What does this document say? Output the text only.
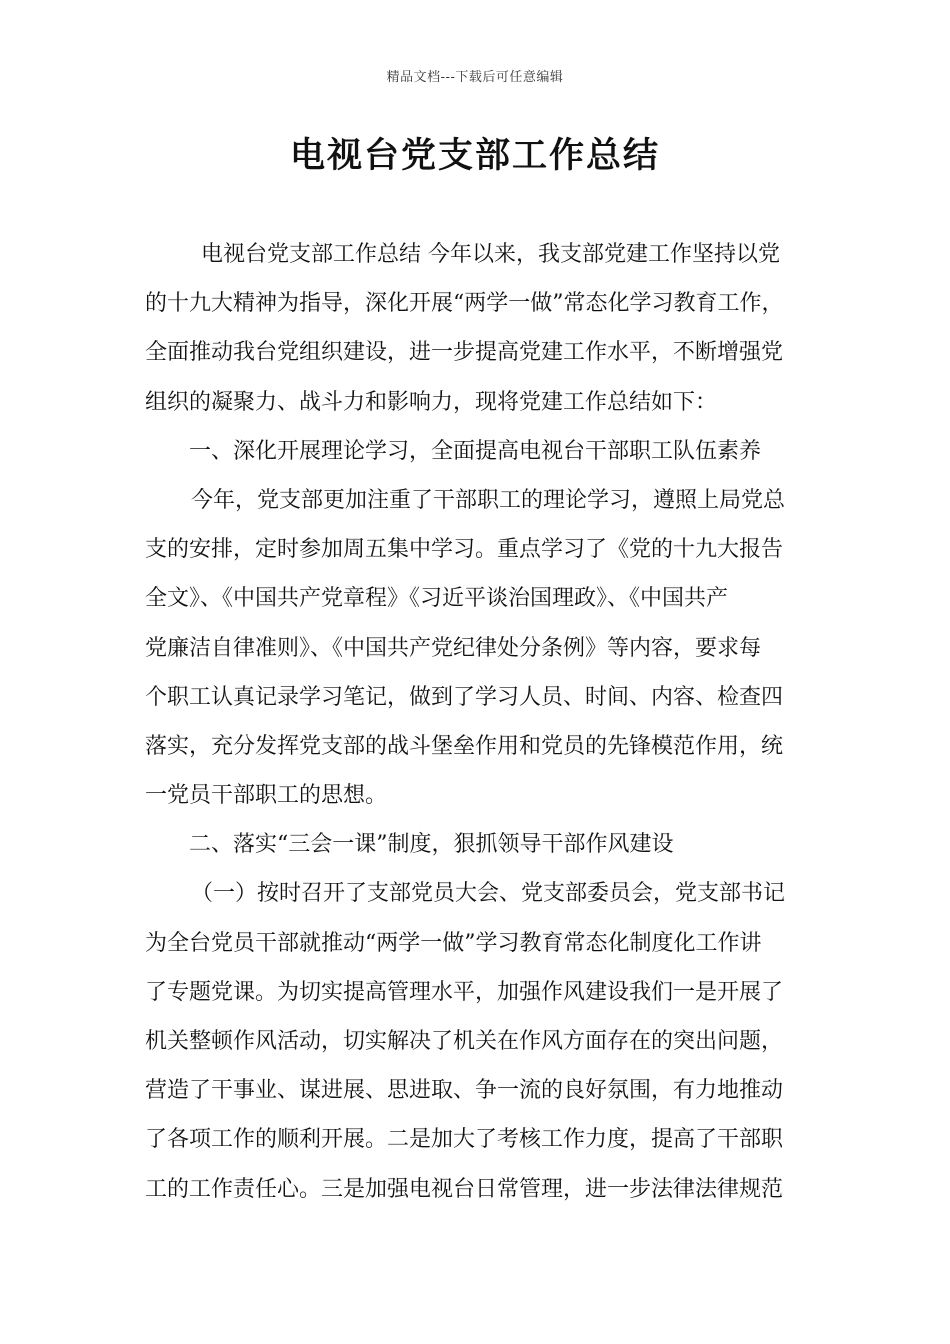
精品文档---下载后可任意编辑
电视台党支部工作总结
电视台党支部工作总结 今年以来，我支部党建工作坚持以党
的十九大精神为指导，深化开展“两学一做”常态化学习教育工作，
全面推动我台党组织建设，进一步提高党建工作水平，不断增强党
组织的凝聚力、战斗力和影响力，现将党建工作总结如下：
一、深化开展理论学习，全面提高电视台干部职工队伍素养
今年，党支部更加注重了干部职工的理论学习，遵照上局党总
支的安排，定时参加周五集中学习。重点学习了《党的十九大报告
全文》、《中国共产党章程》《习近平谈治国理政》、《中国共产
党廉洁自律准则》、《中国共产党纪律处分条例》等内容，要求每
个职工认真记录学习笔记，做到了学习人员、时间、内容、检查四
落实，充分发挥党支部的战斗堡垒作用和党员的先锋模范作用，统
一党员干部职工的思想。
二、落实“三会一课”制度，狠抓领导干部作风建设
（一）按时召开了支部党员大会、党支部委员会，党支部书记
为全台党员干部就推动“两学一做”学习教育常态化制度化工作讲
了专题党课。为切实提高管理水平，加强作风建设我们一是开展了
机关整顿作风活动，切实解决了机关在作风方面存在的突出问题，
营造了干事业、谋进展、思进取、争一流的良好氛围，有力地推动
了各项工作的顺利开展。二是加大了考核工作力度，提高了干部职
工的工作责任心。三是加强电视台日常管理，进一步法律法律规范
